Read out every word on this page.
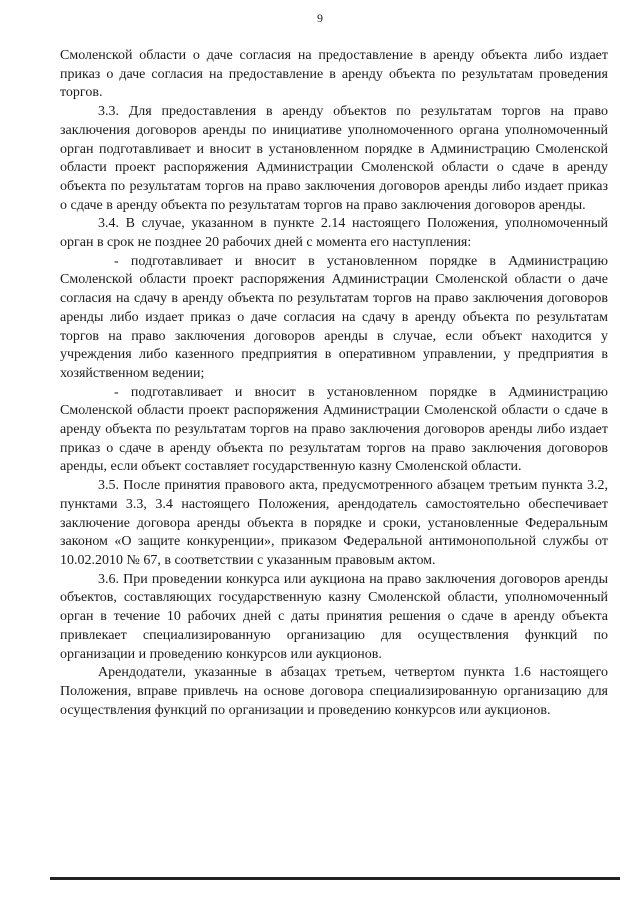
9

Смоленской области о даче согласия на предоставление в аренду объекта либо издает приказ о даче согласия на предоставление в аренду объекта по результатам проведения торгов.

3.3. Для предоставления в аренду объектов по результатам торгов на право заключения договоров аренды по инициативе уполномоченного органа уполномоченный орган подготавливает и вносит в установленном порядке в Администрацию Смоленской области проект распоряжения Администрации Смоленской области о сдаче в аренду объекта по результатам торгов на право заключения договоров аренды либо издает приказ о сдаче в аренду объекта по результатам торгов на право заключения договоров аренды.

3.4. В случае, указанном в пункте 2.14 настоящего Положения, уполномоченный орган в срок не позднее 20 рабочих дней с момента его наступления:

- подготавливает и вносит в установленном порядке в Администрацию Смоленской области проект распоряжения Администрации Смоленской области о даче согласия на сдачу в аренду объекта по результатам торгов на право заключения договоров аренды либо издает приказ о даче согласия на сдачу в аренду объекта по результатам торгов на право заключения договоров аренды в случае, если объект находится у учреждения либо казенного предприятия в оперативном управлении, у предприятия в хозяйственном ведении;

- подготавливает и вносит в установленном порядке в Администрацию Смоленской области проект распоряжения Администрации Смоленской области о сдаче в аренду объекта по результатам торгов на право заключения договоров аренды либо издает приказ о сдаче в аренду объекта по результатам торгов на право заключения договоров аренды, если объект составляет государственную казну Смоленской области.

3.5. После принятия правового акта, предусмотренного абзацем третьим пункта 3.2, пунктами 3.3, 3.4 настоящего Положения, арендодатель самостоятельно обеспечивает заключение договора аренды объекта в порядке и сроки, установленные Федеральным законом «О защите конкуренции», приказом Федеральной антимонопольной службы от 10.02.2010 № 67, в соответствии с указанным правовым актом.

3.6. При проведении конкурса или аукциона на право заключения договоров аренды объектов, составляющих государственную казну Смоленской области, уполномоченный орган в течение 10 рабочих дней с даты принятия решения о сдаче в аренду объекта привлекает специализированную организацию для осуществления функций по организации и проведению конкурсов или аукционов.

Арендодатели, указанные в абзацах третьем, четвертом пункта 1.6 настоящего Положения, вправе привлечь на основе договора специализированную организацию для осуществления функций по организации и проведению конкурсов или аукционов.
